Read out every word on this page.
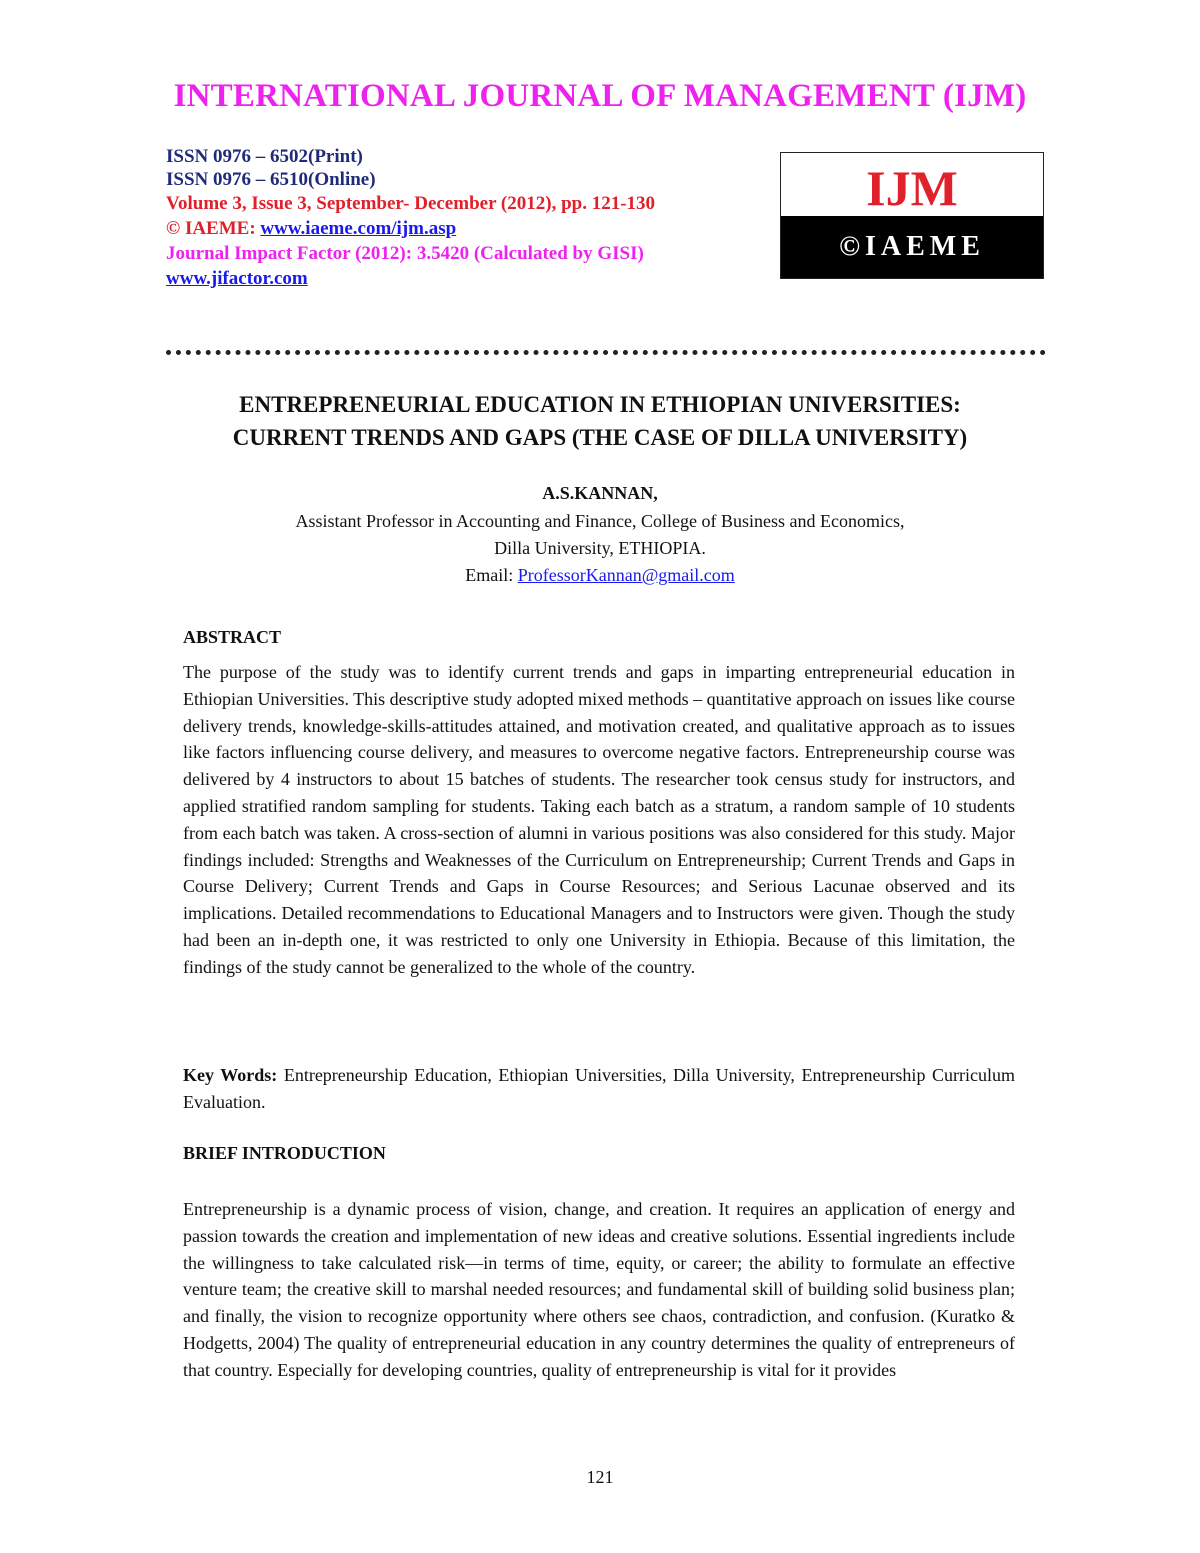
INTERNATIONAL JOURNAL OF MANAGEMENT (IJM)
ISSN 0976 – 6502(Print)
ISSN 0976 – 6510(Online)
Volume 3, Issue 3, September- December (2012), pp. 121-130
© IAEME: www.iaeme.com/ijm.asp
Journal Impact Factor (2012): 3.5420 (Calculated by GISI)
www.jifactor.com
IJM
©IAEME
ENTREPRENEURIAL EDUCATION IN ETHIOPIAN UNIVERSITIES:
CURRENT TRENDS AND GAPS (THE CASE OF DILLA UNIVERSITY)
A.S.KANNAN,
Assistant Professor in Accounting and Finance, College of Business and Economics,
Dilla University, ETHIOPIA.
Email: ProfessorKannan@gmail.com
ABSTRACT
The purpose of the study was to identify current trends and gaps in imparting entrepreneurial education in Ethiopian Universities. This descriptive study adopted mixed methods – quantitative approach on issues like course delivery trends, knowledge-skills-attitudes attained, and motivation created, and qualitative approach as to issues like factors influencing course delivery, and measures to overcome negative factors. Entrepreneurship course was delivered by 4 instructors to about 15 batches of students. The researcher took census study for instructors, and applied stratified random sampling for students. Taking each batch as a stratum, a random sample of 10 students from each batch was taken. A cross-section of alumni in various positions was also considered for this study. Major findings included: Strengths and Weaknesses of the Curriculum on Entrepreneurship; Current Trends and Gaps in Course Delivery; Current Trends and Gaps in Course Resources; and Serious Lacunae observed and its implications. Detailed recommendations to Educational Managers and to Instructors were given. Though the study had been an in-depth one, it was restricted to only one University in Ethiopia. Because of this limitation, the findings of the study cannot be generalized to the whole of the country.
Key Words: Entrepreneurship Education, Ethiopian Universities, Dilla University, Entrepreneurship Curriculum Evaluation.
BRIEF INTRODUCTION
Entrepreneurship is a dynamic process of vision, change, and creation. It requires an application of energy and passion towards the creation and implementation of new ideas and creative solutions. Essential ingredients include the willingness to take calculated risk—in terms of time, equity, or career; the ability to formulate an effective venture team; the creative skill to marshal needed resources; and fundamental skill of building solid business plan; and finally, the vision to recognize opportunity where others see chaos, contradiction, and confusion. (Kuratko & Hodgetts, 2004) The quality of entrepreneurial education in any country determines the quality of entrepreneurs of that country. Especially for developing countries, quality of entrepreneurship is vital for it provides
121
